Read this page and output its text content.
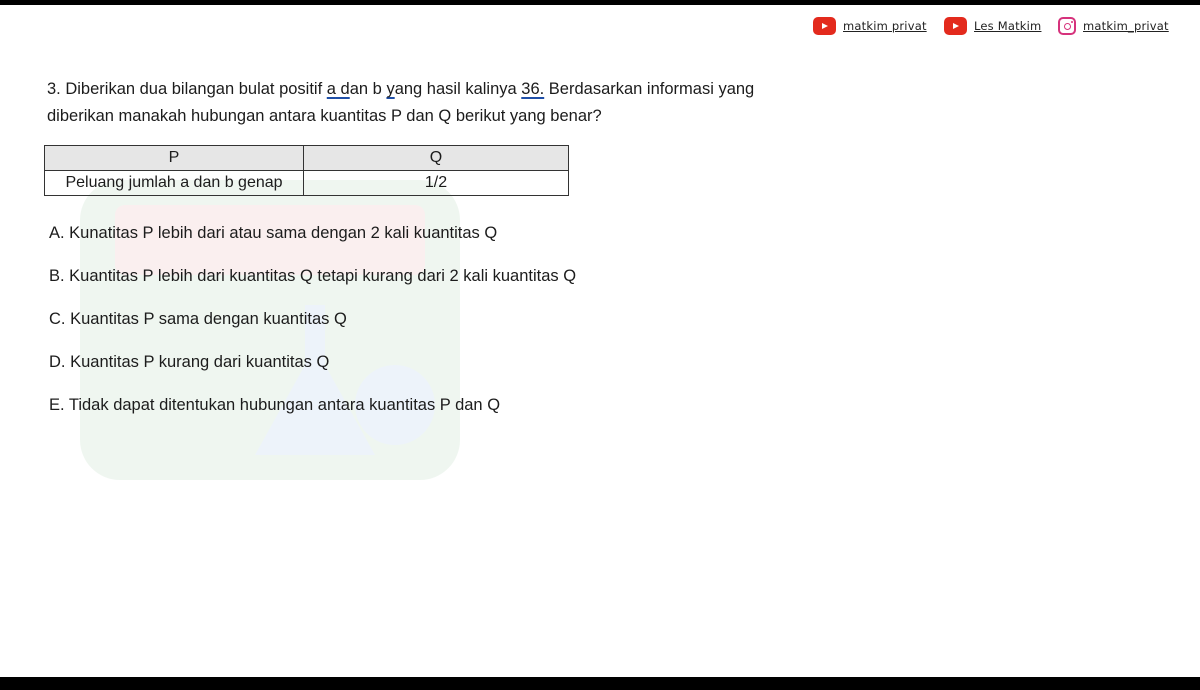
matkim privat	Les Matkim	matkim_privat

3. Diberikan dua bilangan bulat positif a dan b yang hasil kalinya 36. Berdasarkan informasi yang

diberikan manakah hubungan antara kuantitas P dan Q berikut yang benar?

P	Q
Peluang jumlah a dan b genap	1/2
A. Kunatitas P lebih dari atau sama dengan 2 kali kuantitas Q
B. Kuantitas P lebih dari kuantitas Q tetapi kurang dari 2 kali kuantitas Q
C. Kuantitas P sama dengan kuantitas Q
D. Kuantitas P kurang dari kuantitas Q
E. Tidak dapat ditentukan hubungan antara kuantitas P dan Q
